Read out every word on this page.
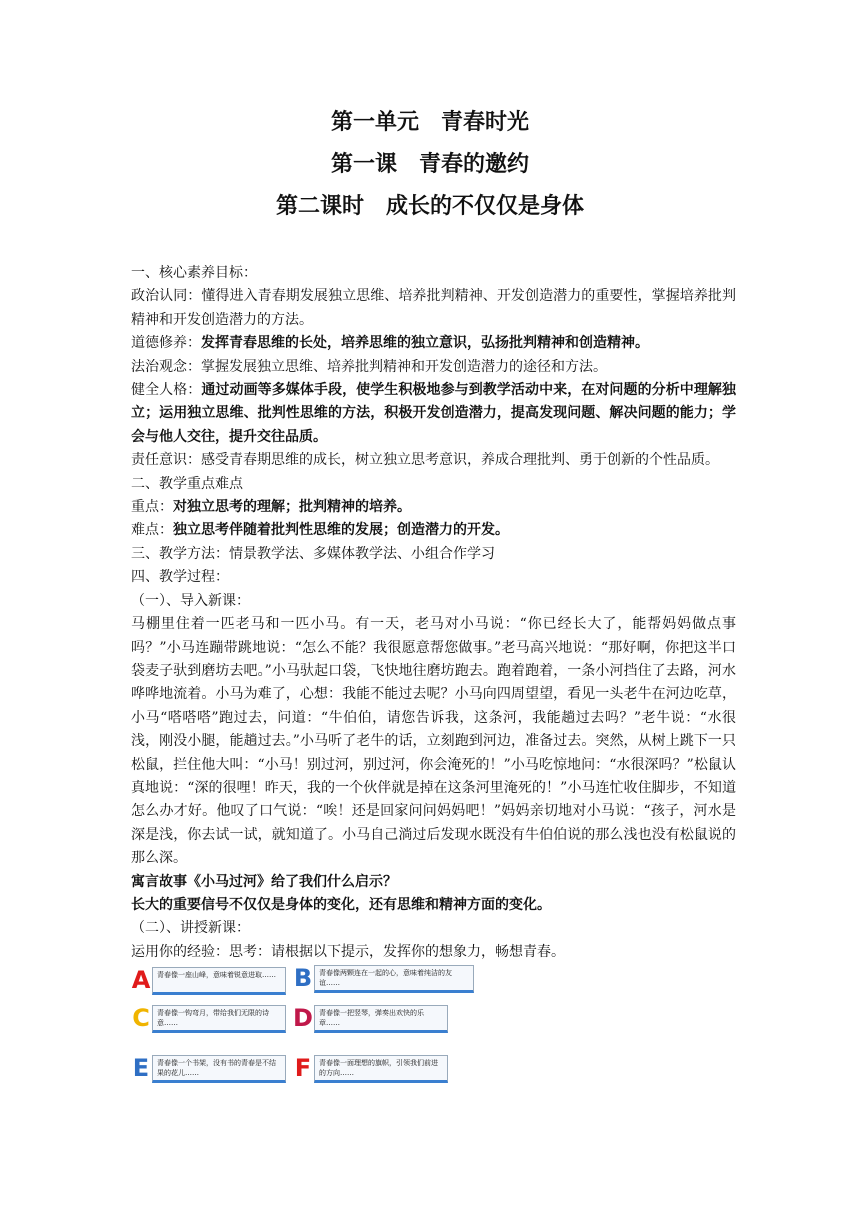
第一单元　青春时光
第一课　青春的邀约
第二课时　成长的不仅仅是身体

一、核心素养目标：

政治认同：懂得进入青春期发展独立思维、培养批判精神、开发创造潜力的重要性，掌握培养批判精神和开发创造潜力的方法。

道德修养：发挥青春思维的长处，培养思维的独立意识，弘扬批判精神和创造精神。

法治观念：掌握发展独立思维、培养批判精神和开发创造潜力的途径和方法。

健全人格：通过动画等多媒体手段，使学生积极地参与到教学活动中来，在对问题的分析中理解独立；运用独立思维、批判性思维的方法，积极开发创造潜力，提高发现问题、解决问题的能力；学会与他人交往，提升交往品质。

责任意识：感受青春期思维的成长，树立独立思考意识，养成合理批判、勇于创新的个性品质。

二、教学重点难点

重点：对独立思考的理解；批判精神的培养。

难点：独立思考伴随着批判性思维的发展；创造潜力的开发。

三、教学方法：情景教学法、多媒体教学法、小组合作学习

四、教学过程：

（一）、导入新课：

马棚里住着一匹老马和一匹小马。有一天，老马对小马说：“你已经长大了，能帮妈妈做点事吗？”小马连蹦带跳地说：“怎么不能？我很愿意帮您做事。”老马高兴地说：“那好啊，你把这半口袋麦子驮到磨坊去吧。”小马驮起口袋，飞快地往磨坊跑去。跑着跑着，一条小河挡住了去路，河水哗哗地流着。小马为难了，心想：我能不能过去呢？小马向四周望望，看见一头老牛在河边吃草，小马“嗒嗒嗒”跑过去，问道：“牛伯伯，请您告诉我，这条河，我能趟过去吗？”老牛说：“水很浅，刚没小腿，能趟过去。”小马听了老牛的话，立刻跑到河边，准备过去。突然，从树上跳下一只松鼠，拦住他大叫：“小马！别过河，别过河，你会淹死的！”小马吃惊地问：“水很深吗？”松鼠认真地说：“深的很哩！昨天，我的一个伙伴就是掉在这条河里淹死的！”小马连忙收住脚步，不知道怎么办才好。他叹了口气说：“唉！还是回家问问妈妈吧！”妈妈亲切地对小马说：“孩子，河水是深是浅，你去试一试，就知道了。小马自己淌过后发现水既没有牛伯伯说的那么浅也没有松鼠说的那么深。

寓言故事《小马过河》给了我们什么启示？

长大的重要信号不仅仅是身体的变化，还有思维和精神方面的变化。

（二）、讲授新课：

运用你的经验：思考：请根据以下提示，发挥你的想象力，畅想青春。

A 青春像一座山峰，意味着锐意进取…… B 青春像两颗连在一起的心，意味着纯洁的友谊……
C	青春像一钩弯月，带给我们无限的诗意……	D 青春像一把竖琴，弹奏出欢快的乐章……
E	青春像一个书架，没有书的青春是不结果的花儿……	F	青春像一面理想的旗帜，引领我们前进的方向……
